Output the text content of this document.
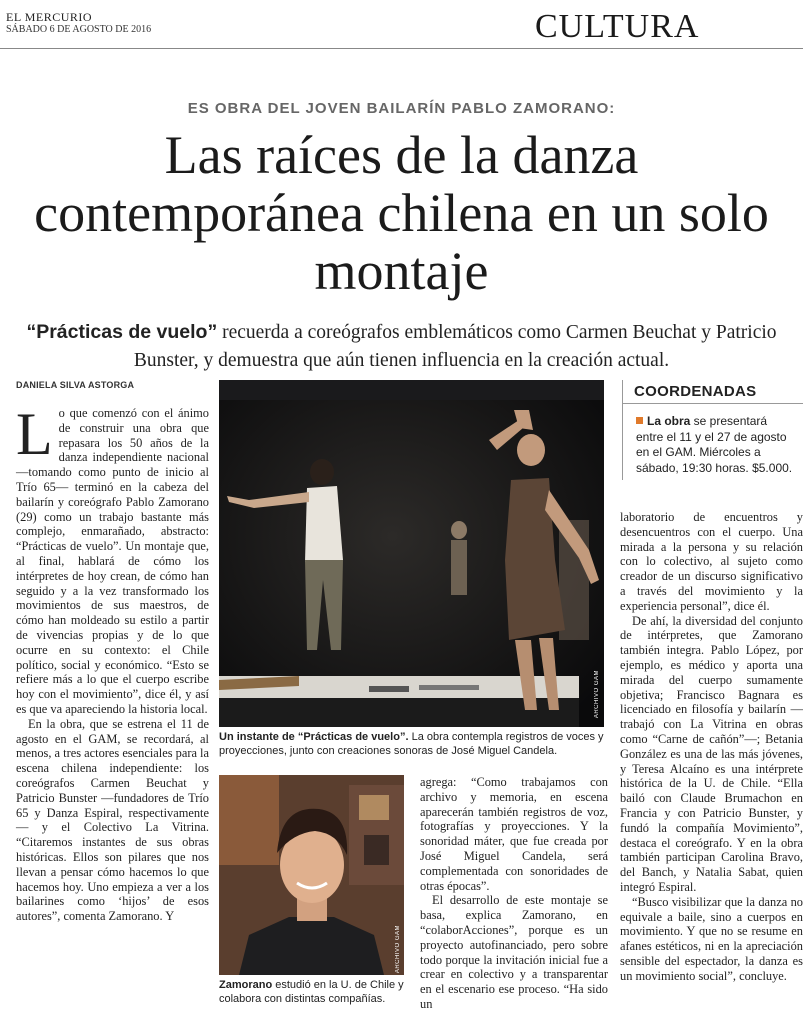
EL MERCURIO
SÁBADO 6 DE AGOSTO DE 2016	CULTURA
ES OBRA DEL JOVEN BAILARÍN PABLO ZAMORANO:
Las raíces de la danza contemporánea chilena en un solo montaje
“Prácticas de vuelo” recuerda a coreógrafos emblemáticos como Carmen Beuchat y Patricio Bunster, y demuestra que aún tienen influencia en la creación actual.
DANIELA SILVA ASTORGA

Lo que comenzó con el ánimo de construir una obra que repasara los 50 años de la danza independiente nacional —tomando como punto de inicio al Trío 65— terminó en la cabeza del bailarín y coreógrafo Pablo Zamorano (29) como un trabajo bastante más complejo, enmarañado, abstracto: “Prácticas de vuelo”. Un montaje que, al final, hablará de cómo los intérpretes de hoy crean, de cómo han seguido y a la vez transformado los movimientos de sus maestros, de cómo han moldeado su estilo a partir de vivencias propias y de lo que ocurre en su contexto: el Chile político, social y económico. “Esto se refiere más a lo que el cuerpo escribe hoy con el movimiento”, dice él, y así es que va apareciendo la historia local.

En la obra, que se estrena el 11 de agosto en el GAM, se recordará, al menos, a tres actores esenciales para la escena chilena independiente: los coreógrafos Carmen Beuchat y Patricio Bunster —fundadores de Trío 65 y Danza Espiral, respectivamente— y el Colectivo La Vitrina. “Citaremos instantes de sus obras históricas. Ellos son pilares que nos llevan a pensar cómo hacemos lo que hacemos hoy. Uno empieza a ver a los bailarines como ‘hijos’ de esos autores”, comenta Zamorano. Y

ARCHIVO GAM
Un instante de “Prácticas de vuelo”. La obra contempla registros de voces y proyecciones, junto con creaciones sonoras de José Miguel Candela.
ARCHIVO GAM
Zamorano estudió en la U. de Chile y colabora con distintas compañías.

agrega: “Como trabajamos con archivo y memoria, en escena aparecerán también registros de voz, fotografías y proyecciones. Y la sonoridad máter, que fue creada por José Miguel Candela, será complementada con sonoridades de otras épocas”.

El desarrollo de este montaje se basa, explica Zamorano, en “colaborAcciones”, porque es un proyecto autofinanciado, pero sobre todo porque la invitación inicial fue a crear en colectivo y a transparentar en el escenario ese proceso. “Ha sido un

COORDENADAS
La obra se presentará entre el 11 y el 27 de agosto en el GAM. Miércoles a sábado, 19:30 horas. $5.000.

laboratorio de encuentros y desencuentros con el cuerpo. Una mirada a la persona y su relación con lo colectivo, al sujeto como creador de un discurso significativo a través del movimiento y la experiencia personal”, dice él.

De ahí, la diversidad del conjunto de intérpretes, que Zamorano también integra. Pablo López, por ejemplo, es médico y aporta una mirada del cuerpo sumamente objetiva; Francisco Bagnara es licenciado en filosofía y bailarín —trabajó con La Vitrina en obras como “Carne de cañón”—; Betania González es una de las más jóvenes, y Teresa Alcaíno es una intérprete histórica de la U. de Chile. “Ella bailó con Claude Brumachon en Francia y con Patricio Bunster, y fundó la compañía Movimiento”, destaca el coreógrafo. Y en la obra también participan Carolina Bravo, del Banch, y Natalia Sabat, quien integró Espiral.

“Busco visibilizar que la danza no equivale a baile, sino a cuerpos en movimiento. Y que no se resume en afanes estéticos, ni en la apreciación sensible del espectador, la danza es un movimiento social”, concluye.
